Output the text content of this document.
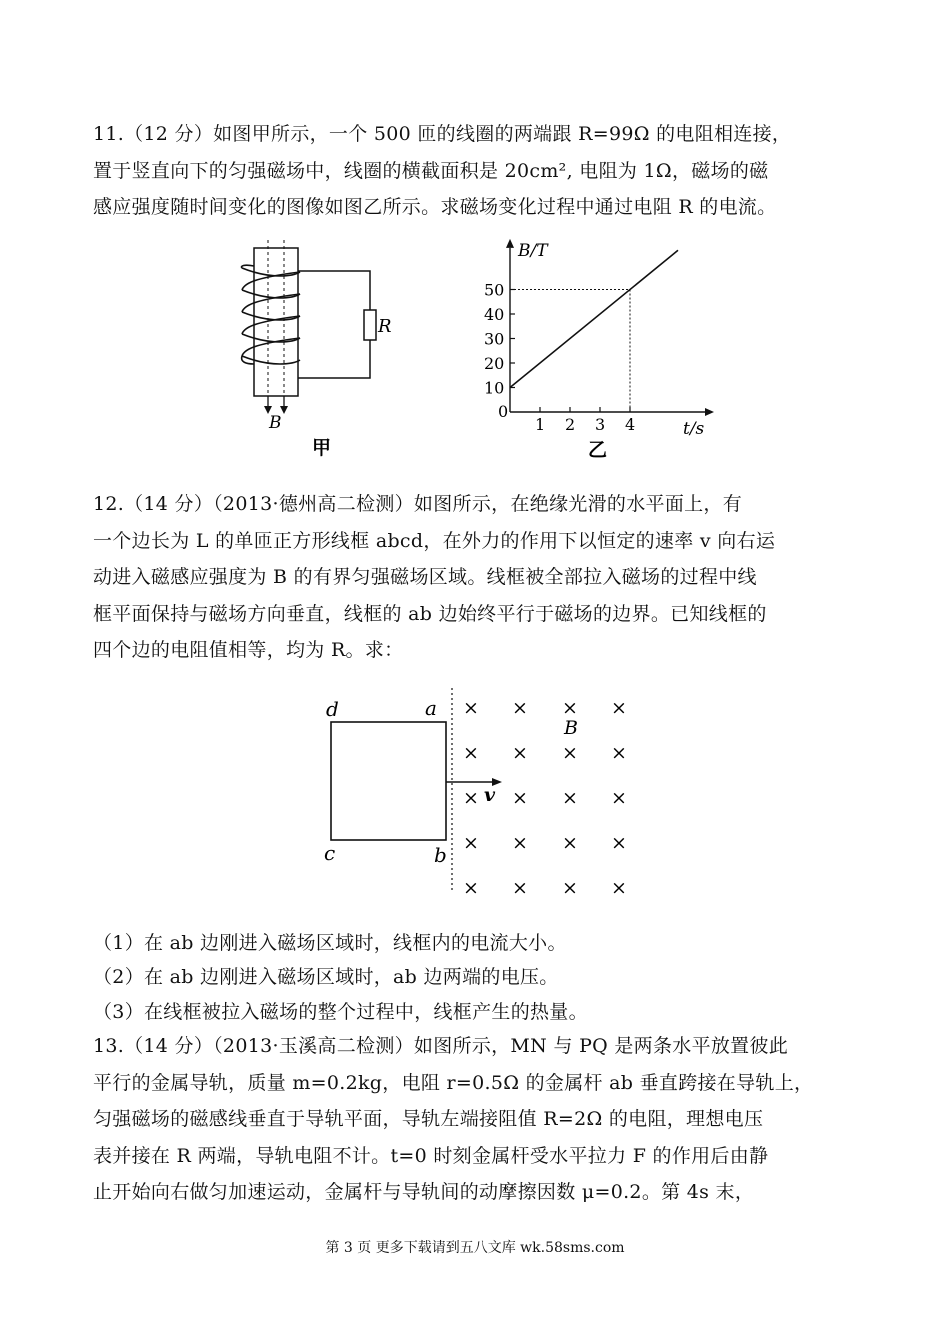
11.（12 分）如图甲所示，一个 500 匝的线圈的两端跟 R=99Ω 的电阻相连接，
置于竖直向下的匀强磁场中，线圈的横截面积是 20cm², 电阻为 1Ω，磁场的磁
感应强度随时间变化的图像如图乙所示。求磁场变化过程中通过电阻 R 的电流。
R
B
甲
1 2 3 4
10
20
30
40
50
0
B/T
t/s
乙
12.（14 分）（2013·德州高二检测）如图所示，在绝缘光滑的水平面上，有
一个边长为 L 的单匝正方形线框 abcd，在外力的作用下以恒定的速率 v 向右运
动进入磁感应强度为 B 的有界匀强磁场区域。线框被全部拉入磁场的过程中线
框平面保持与磁场方向垂直，线框的 ab 边始终平行于磁场的边界。已知线框的
四个边的电阻值相等，均为 R。求：
d	a
c	b
B
v
× × × ×
× × × ×
× × × ×
× × × ×
× × × ×
（1）在 ab 边刚进入磁场区域时，线框内的电流大小。
（2）在 ab 边刚进入磁场区域时，ab 边两端的电压。
（3）在线框被拉入磁场的整个过程中，线框产生的热量。
13.（14 分）（2013·玉溪高二检测）如图所示，MN 与 PQ 是两条水平放置彼此
平行的金属导轨，质量 m=0.2kg，电阻 r=0.5Ω 的金属杆 ab 垂直跨接在导轨上，
匀强磁场的磁感线垂直于导轨平面，导轨左端接阻值 R=2Ω 的电阻，理想电压
表并接在 R 两端，导轨电阻不计。t=0 时刻金属杆受水平拉力 F 的作用后由静
止开始向右做匀加速运动，金属杆与导轨间的动摩擦因数 μ=0.2。第 4s 末，
第 3 页 更多下载请到五八文库 wk.58sms.com
